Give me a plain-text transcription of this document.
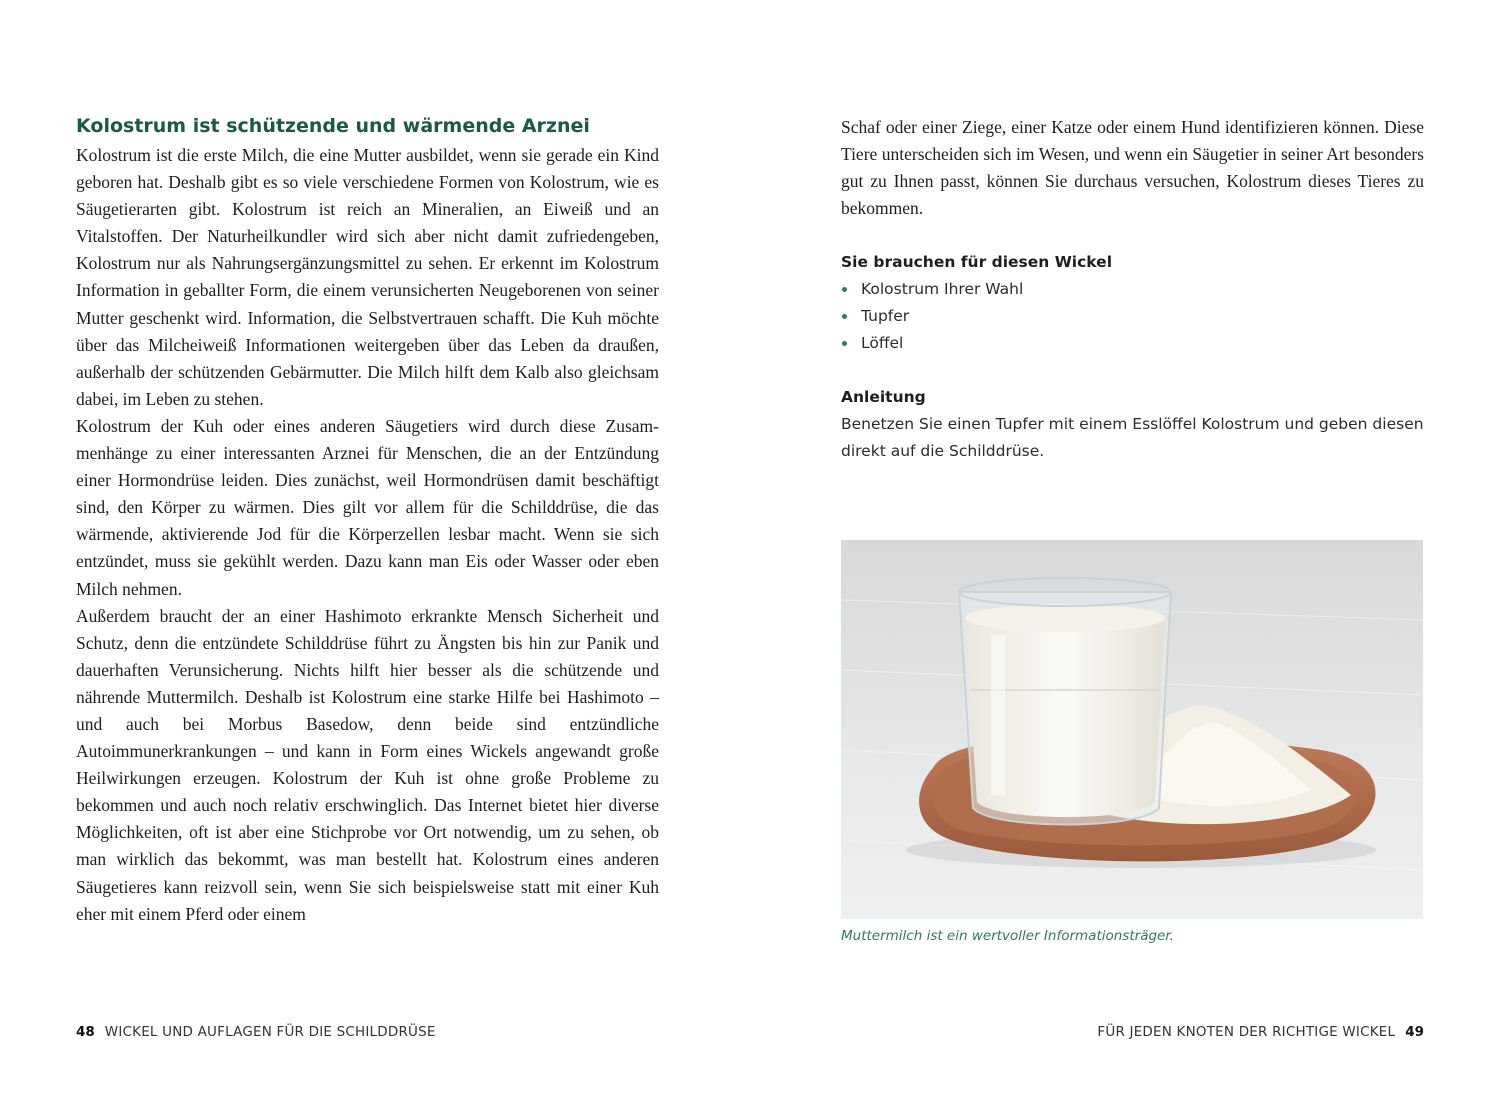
Kolostrum ist schützende und wärmende Arznei

Kolostrum ist die erste Milch, die eine Mutter ausbildet, wenn sie gerade ein Kind geboren hat. Deshalb gibt es so viele verschiedene Formen von Kolostrum, wie es Säugetierarten gibt. Kolostrum ist reich an Mineralien, an Eiweiß und an Vitalstoffen. Der Naturheilkundler wird sich aber nicht damit zufriedengeben, Kolostrum nur als Nahrungsergänzungsmittel zu sehen. Er erkennt im Kolostrum Information in geballter Form, die einem verunsicherten Neugeborenen von seiner Mutter geschenkt wird. Information, die Selbstvertrauen schafft. Die Kuh möchte über das Milcheiweiß Informationen weitergeben über das Leben da draußen, außerhalb der schützenden Gebärmutter. Die Milch hilft dem Kalb also gleichsam dabei, im Leben zu stehen.

Kolostrum der Kuh oder eines anderen Säugetiers wird durch diese Zusammenhänge zu einer interessanten Arznei für Menschen, die an der Entzündung einer Hormondrüse leiden. Dies zunächst, weil Hormondrüsen damit beschäftigt sind, den Körper zu wärmen. Dies gilt vor allem für die Schilddrüse, die das wärmende, aktivierende Jod für die Körperzellen lesbar macht. Wenn sie sich entzündet, muss sie gekühlt werden. Dazu kann man Eis oder Wasser oder eben Milch nehmen.

Außerdem braucht der an einer Hashimoto erkrankte Mensch Sicherheit und Schutz, denn die entzündete Schilddrüse führt zu Ängsten bis hin zur Panik und dauerhaften Verunsicherung. Nichts hilft hier besser als die schützende und nährende Muttermilch. Deshalb ist Kolostrum eine starke Hilfe bei Hashimoto – und auch bei Morbus Basedow, denn beide sind entzündliche Autoimmunerkrankungen – und kann in Form eines Wickels angewandt große Heilwirkungen erzeugen. Kolostrum der Kuh ist ohne große Probleme zu bekommen und auch noch relativ erschwinglich. Das Internet bietet hier diverse Möglichkeiten, oft ist aber eine Stichprobe vor Ort notwendig, um zu sehen, ob man wirklich das bekommt, was man bestellt hat. Kolostrum eines anderen Säugetieres kann reizvoll sein, wenn Sie sich beispielsweise statt mit einer Kuh eher mit einem Pferd oder einem

48 WICKEL UND AUFLAGEN FÜR DIE SCHILDDRÜSE

Schaf oder einer Ziege, einer Katze oder einem Hund identifizieren können. Diese Tiere unterscheiden sich im Wesen, und wenn ein Säugetier in seiner Art besonders gut zu Ihnen passt, können Sie durchaus versuchen, Kolostrum dieses Tieres zu bekommen.

Sie brauchen für diesen Wickel
Kolostrum Ihrer Wahl
Tupfer
Löffel
Anleitung

Benetzen Sie einen Tupfer mit einem Esslöffel Kolostrum und geben diesen direkt auf die Schilddrüse.

Muttermilch ist ein wertvoller Informationsträger.

FÜR JEDEN KNOTEN DER RICHTIGE WICKEL 49
